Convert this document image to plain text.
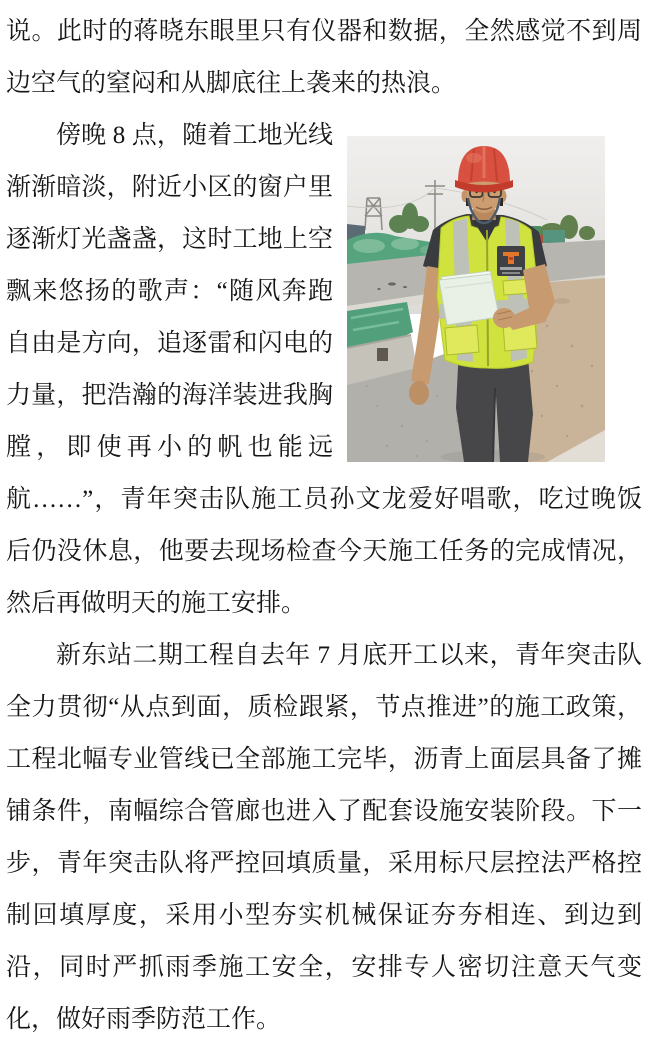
说。此时的蒋晓东眼里只有仪器和数据，全然感觉不到周边空气的窒闷和从脚底往上袭来的热浪。

傍晚 8 点，随着工地光线渐渐暗淡，附近小区的窗户里逐渐灯光盏盏，这时工地上空飘来悠扬的歌声：“随风奔跑自由是方向，追逐雷和闪电的力量，把浩瀚的海洋装进我胸膛，即使再小的帆也能远航……”，青年突击队施工员孙文龙爱好唱歌，吃过晚饭后仍没休息，他要去现场检查今天施工任务的完成情况，然后再做明天的施工安排。

新东站二期工程自去年 7 月底开工以来，青年突击队全力贯彻“从点到面，质检跟紧，节点推进”的施工政策，工程北幅专业管线已全部施工完毕，沥青上面层具备了摊铺条件，南幅综合管廊也进入了配套设施安装阶段。下一步，青年突击队将严控回填质量，采用标尺层控法严格控制回填厚度，采用小型夯实机械保证夯夯相连、到边到沿，同时严抓雨季施工安全，安排专人密切注意天气变化，做好雨季防范工作。
